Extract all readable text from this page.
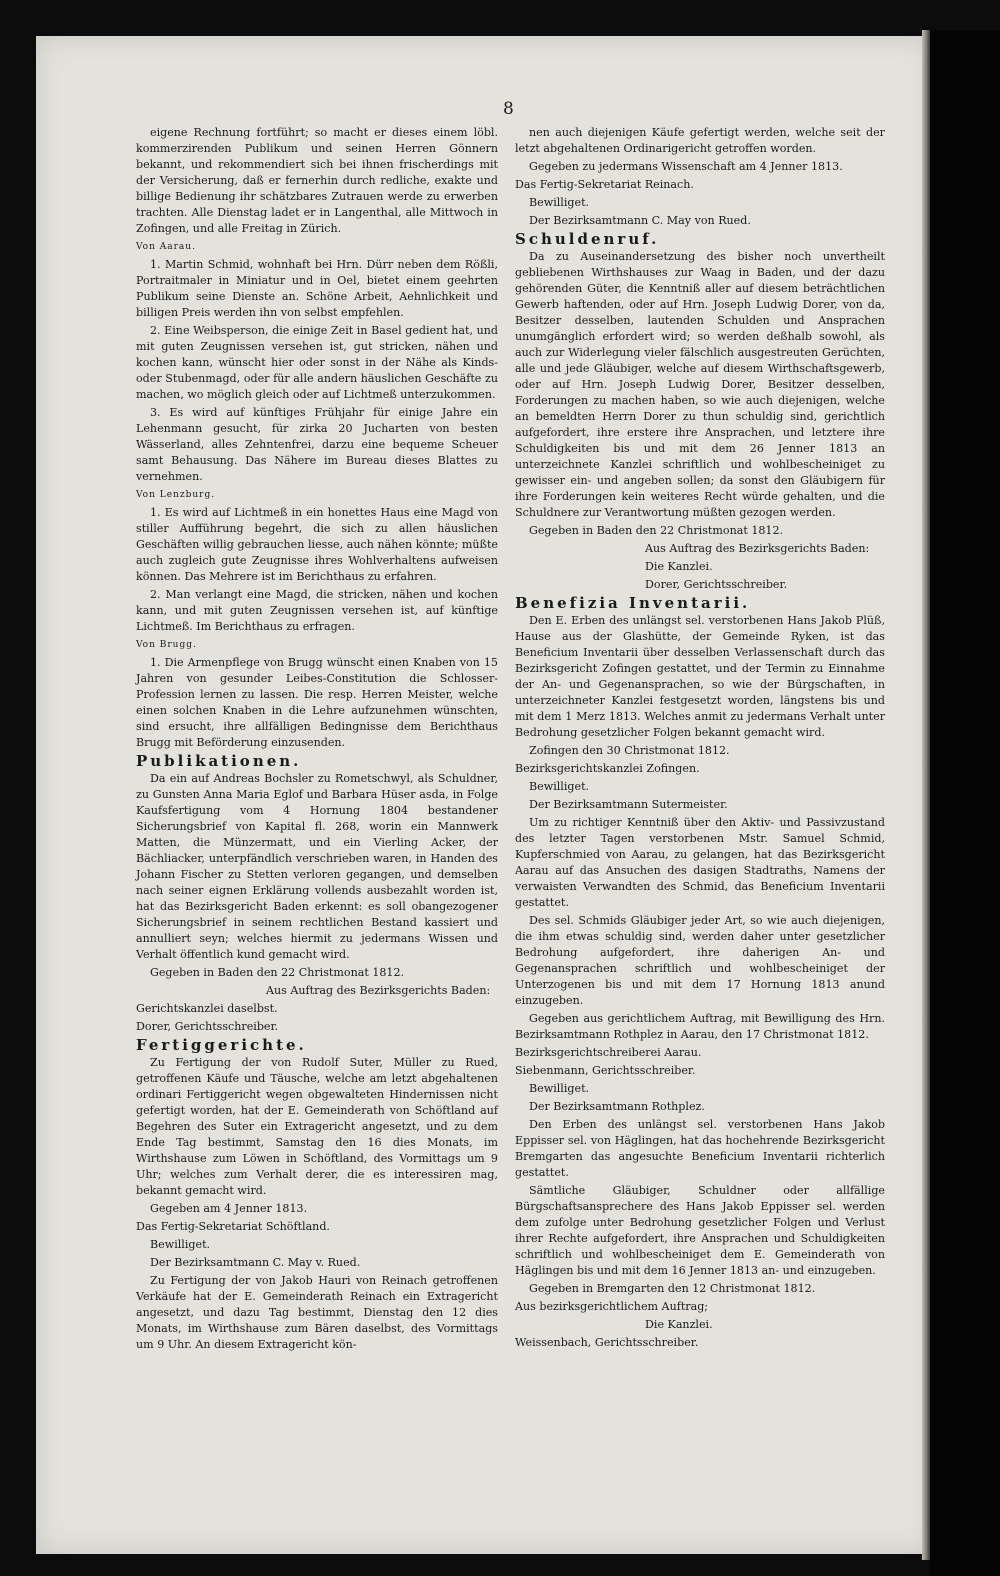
8

eigene Rechnung fortführt; so macht er dieses einem löbl. kommerzirenden Publikum und seinen Herren Gönnern bekannt, und rekommendiert sich bei ihnen frischerdings mit der Versicherung, daß er fernerhin durch redliche, exakte und billige Bedienung ihr schätzbares Zutrauen werde zu erwerben trachten. Alle Dienstag ladet er in Langenthal, alle Mittwoch in Zofingen, und alle Freitag in Zürich.

Von Aarau.

1. Martin Schmid, wohnhaft bei Hrn. Dürr neben dem Rößli, Portraitmaler in Miniatur und in Oel, bietet einem geehrten Publikum seine Dienste an. Schöne Arbeit, Aehnlichkeit und billigen Preis werden ihn von selbst empfehlen.

2. Eine Weibsperson, die einige Zeit in Basel gedient hat, und mit guten Zeugnissen versehen ist, gut stricken, nähen und kochen kann, wünscht hier oder sonst in der Nähe als Kinds- oder Stubenmagd, oder für alle andern häuslichen Geschäfte zu machen, wo möglich gleich oder auf Lichtmeß unterzukommen.

3. Es wird auf künftiges Frühjahr für einige Jahre ein Lehenmann gesucht, für zirka 20 Jucharten von besten Wässerland, alles Zehntenfrei, darzu eine bequeme Scheuer samt Behausung. Das Nähere im Bureau dieses Blattes zu vernehmen.

Von Lenzburg.

1. Es wird auf Lichtmeß in ein honettes Haus eine Magd von stiller Aufführung begehrt, die sich zu allen häuslichen Geschäften willig gebrauchen liesse, auch nähen könnte; müßte auch zugleich gute Zeugnisse ihres Wohlverhaltens aufweisen können. Das Mehrere ist im Berichthaus zu erfahren.

2. Man verlangt eine Magd, die stricken, nähen und kochen kann, und mit guten Zeugnissen versehen ist, auf künftige Lichtmeß. Im Berichthaus zu erfragen.

Von Brugg.

1. Die Armenpflege von Brugg wünscht einen Knaben von 15 Jahren von gesunder Leibes-Constitution die Schlosser-Profession lernen zu lassen. Die resp. Herren Meister, welche einen solchen Knaben in die Lehre aufzunehmen wünschten, sind ersucht, ihre allfälligen Bedingnisse dem Berichthaus Brugg mit Beförderung einzusenden.

Publikationen.

Da ein auf Andreas Bochsler zu Rometschwyl, als Schuldner, zu Gunsten Anna Maria Eglof und Barbara Hüser asda, in Folge Kaufsfertigung vom 4 Hornung 1804 bestandener Sicherungsbrief von Kapital fl. 268, worin ein Mannwerk Matten, die Münzermatt, und ein Vierling Acker, der Bächliacker, unterpfändlich verschrieben waren, in Handen des Johann Fischer zu Stetten verloren gegangen, und demselben nach seiner eignen Erklärung vollends ausbezahlt worden ist, hat das Bezirksgericht Baden erkennt: es soll obangezogener Sicherungsbrief in seinem rechtlichen Bestand kassiert und annulliert seyn; welches hiermit zu jedermans Wissen und Verhalt öffentlich kund gemacht wird.

Gegeben in Baden den 22 Christmonat 1812.

Aus Auftrag des Bezirksgerichts Baden:

Gerichtskanzlei daselbst.

Dorer, Gerichtsschreiber.

Fertiggerichte.

Zu Fertigung der von Rudolf Suter, Müller zu Rued, getroffenen Käufe und Täusche, welche am letzt abgehaltenen ordinari Fertiggericht wegen obgewalteten Hindernissen nicht gefertigt worden, hat der E. Gemeinderath von Schöftland auf Begehren des Suter ein Extragericht angesetzt, und zu dem Ende Tag bestimmt, Samstag den 16 dies Monats, im Wirthshause zum Löwen in Schöftland, des Vormittags um 9 Uhr; welches zum Verhalt derer, die es interessiren mag, bekannt gemacht wird.

Gegeben am 4 Jenner 1813.

Das Fertig-Sekretariat Schöftland.

Bewilliget.

Der Bezirksamtmann C. May v. Rued.

Zu Fertigung der von Jakob Hauri von Reinach getroffenen Verkäufe hat der E. Gemeinderath Reinach ein Extragericht angesetzt, und dazu Tag bestimmt, Dienstag den 12 dies Monats, im Wirthshause zum Bären daselbst, des Vormittags um 9 Uhr. An diesem Extragericht kön-

nen auch diejenigen Käufe gefertigt werden, welche seit der letzt abgehaltenen Ordinarigericht getroffen worden.

Gegeben zu jedermans Wissenschaft am 4 Jenner 1813.

Das Fertig-Sekretariat Reinach.

Bewilliget.

Der Bezirksamtmann C. May von Rued.

Schuldenruf.

Da zu Auseinandersetzung des bisher noch unvertheilt gebliebenen Wirthshauses zur Waag in Baden, und der dazu gehörenden Güter, die Kenntniß aller auf diesem beträchtlichen Gewerb haftenden, oder auf Hrn. Joseph Ludwig Dorer, von da, Besitzer desselben, lautenden Schulden und Ansprachen unumgänglich erfordert wird; so werden deßhalb sowohl, als auch zur Widerlegung vieler fälschlich ausgestreuten Gerüchten, alle und jede Gläubiger, welche auf diesem Wirthschaftsgewerb, oder auf Hrn. Joseph Ludwig Dorer, Besitzer desselben, Forderungen zu machen haben, so wie auch diejenigen, welche an bemeldten Herrn Dorer zu thun schuldig sind, gerichtlich aufgefordert, ihre erstere ihre Ansprachen, und letztere ihre Schuldigkeiten bis und mit dem 26 Jenner 1813 an unterzeichnete Kanzlei schriftlich und wohlbescheiniget zu gewisser ein- und angeben sollen; da sonst den Gläubigern für ihre Forderungen kein weiteres Recht würde gehalten, und die Schuldnere zur Verantwortung müßten gezogen werden.

Gegeben in Baden den 22 Christmonat 1812.

Aus Auftrag des Bezirksgerichts Baden:

Die Kanzlei.

Dorer, Gerichtsschreiber.

Benefizia Inventarii.

Den E. Erben des unlängst sel. verstorbenen Hans Jakob Plüß, Hause aus der Glashütte, der Gemeinde Ryken, ist das Beneficium Inventarii über desselben Verlassenschaft durch das Bezirksgericht Zofingen gestattet, und der Termin zu Einnahme der An- und Gegenansprachen, so wie der Bürgschaften, in unterzeichneter Kanzlei festgesetzt worden, längstens bis und mit dem 1 Merz 1813. Welches anmit zu jedermans Verhalt unter Bedrohung gesetzlicher Folgen bekannt gemacht wird.

Zofingen den 30 Christmonat 1812.

Bezirksgerichtskanzlei Zofingen.

Bewilliget.

Der Bezirksamtmann Sutermeister.

Um zu richtiger Kenntniß über den Aktiv- und Passivzustand des letzter Tagen verstorbenen Mstr. Samuel Schmid, Kupferschmied von Aarau, zu gelangen, hat das Bezirksgericht Aarau auf das Ansuchen des dasigen Stadtraths, Namens der verwaisten Verwandten des Schmid, das Beneficium Inventarii gestattet.

Des sel. Schmids Gläubiger jeder Art, so wie auch diejenigen, die ihm etwas schuldig sind, werden daher unter gesetzlicher Bedrohung aufgefordert, ihre daherigen An- und Gegenansprachen schriftlich und wohlbescheiniget der Unterzogenen bis und mit dem 17 Hornung 1813 anund einzugeben.

Gegeben aus gerichtlichem Auftrag, mit Bewilligung des Hrn. Bezirksamtmann Rothplez in Aarau, den 17 Christmonat 1812.

Bezirksgerichtschreiberei Aarau.

Siebenmann, Gerichtsschreiber.

Bewilliget.

Der Bezirksamtmann Rothplez.

Den Erben des unlängst sel. verstorbenen Hans Jakob Eppisser sel. von Häglingen, hat das hochehrende Bezirksgericht Bremgarten das angesuchte Beneficium Inventarii richterlich gestattet.

Sämtliche Gläubiger, Schuldner oder allfällige Bürgschaftsansprechere des Hans Jakob Eppisser sel. werden dem zufolge unter Bedrohung gesetzlicher Folgen und Verlust ihrer Rechte aufgefordert, ihre Ansprachen und Schuldigkeiten schriftlich und wohlbescheiniget dem E. Gemeinderath von Häglingen bis und mit dem 16 Jenner 1813 an- und einzugeben.

Gegeben in Bremgarten den 12 Christmonat 1812.

Aus bezirksgerichtlichem Auftrag;

Die Kanzlei.

Weissenbach, Gerichtsschreiber.
